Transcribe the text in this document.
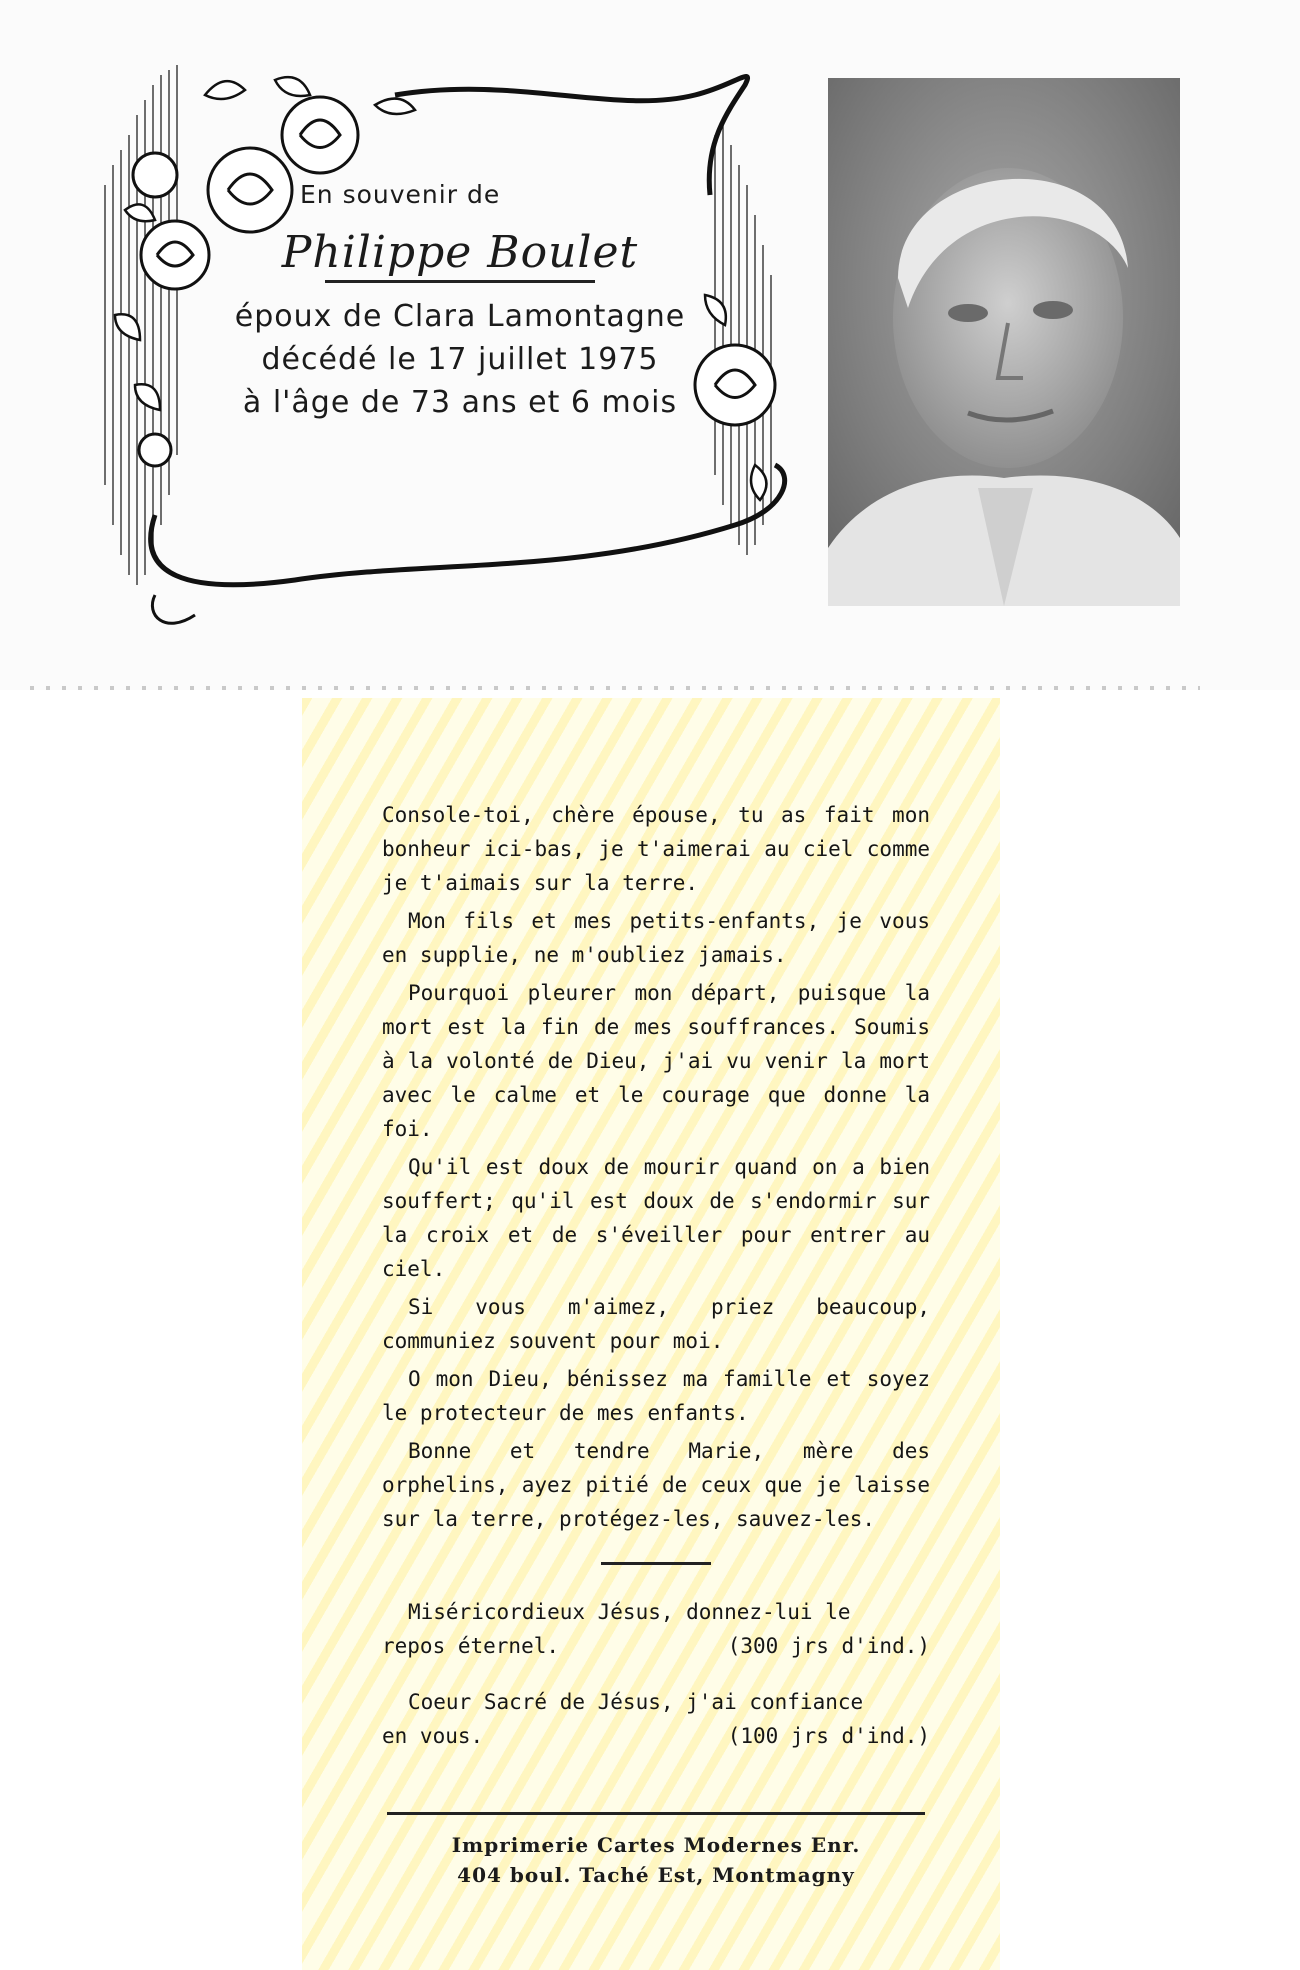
En souvenir de
Philippe Boulet
époux de Clara Lamontagne
décédé le 17 juillet 1975
à l'âge de 73 ans et 6 mois

Console-toi, chère épouse, tu as fait mon bonheur ici-bas, je t'aimerai au ciel comme je t'aimais sur la terre.

Mon fils et mes petits-enfants, je vous en supplie, ne m'oubliez jamais.

Pourquoi pleurer mon départ, puisque la mort est la fin de mes souffrances. Soumis à la volonté de Dieu, j'ai vu venir la mort avec le calme et le courage que donne la foi.

Qu'il est doux de mourir quand on a bien souffert; qu'il est doux de s'endormir sur la croix et de s'éveiller pour entrer au ciel.

Si vous m'aimez, priez beaucoup, communiez souvent pour moi.

O mon Dieu, bénissez ma famille et soyez le protecteur de mes enfants.

Bonne et tendre Marie, mère des orphelins, ayez pitié de ceux que je laisse sur la terre, protégez-les, sauvez-les.

Miséricordieux Jésus, donnez-lui le
repos éternel.	(300 jrs d'ind.)
Coeur Sacré de Jésus, j'ai confiance
en vous.	(100 jrs d'ind.)
Imprimerie Cartes Modernes Enr.
404 boul. Taché Est, Montmagny
